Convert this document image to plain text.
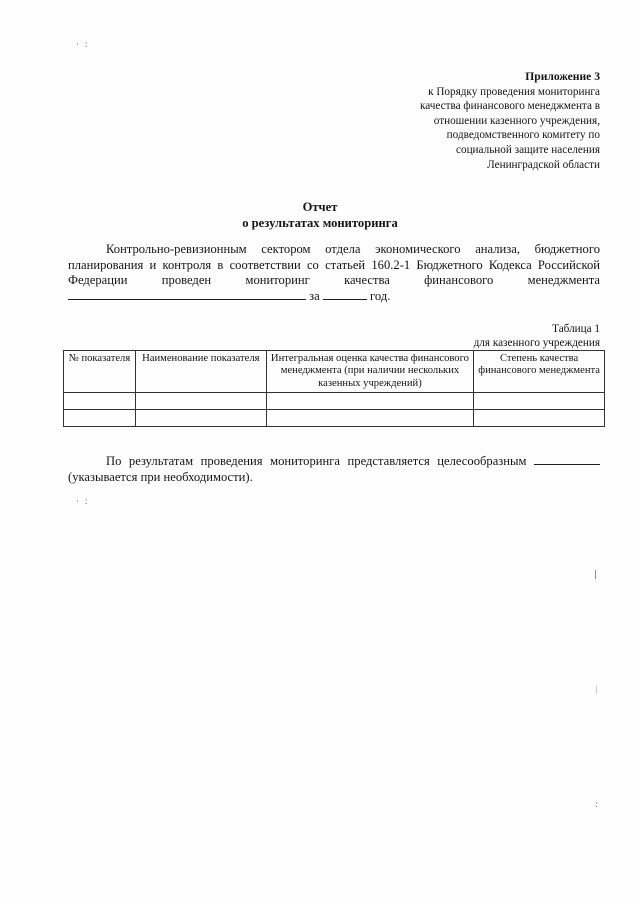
·  :
Приложение 3
к Порядку проведения мониторинга
качества финансового менеджмента в
отношении казенного учреждения,
подведомственного комитету по
социальной защите населения
Ленинградской области
Отчет
о результатах мониторинга

Контрольно-ревизионным сектором отдела экономического анализа, бюджетного планирования и контроля в соответствии со статьей 160.2-1 Бюджетного Кодекса Российской Федерации проведен мониторинг качества финансового менеджмента  за	год.

Таблица 1
для казенного учреждения
№ показателя	Наименование показателя	Интегральная оценка качества финансового менеджмента (при наличии нескольких казенных учреждений)	Степень качества финансового менеджмента

По результатам проведения мониторинга представляется целесообразным  (указывается при необходимости).

·  :
|
ᛁ
:
